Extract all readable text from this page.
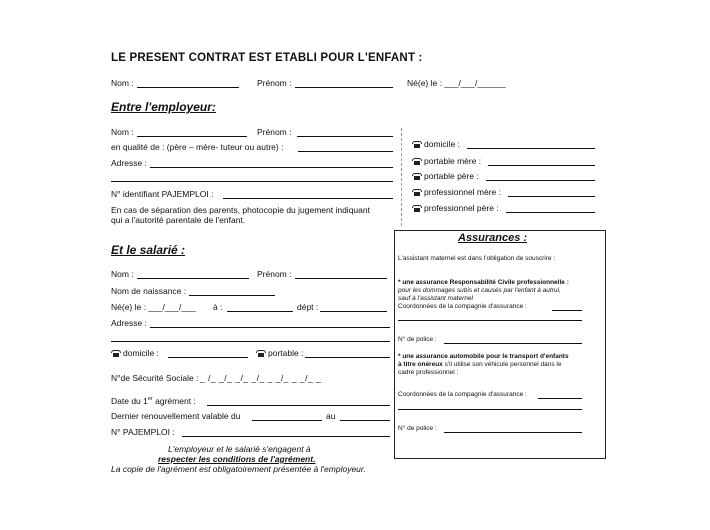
LE PRESENT CONTRAT EST ETABLI POUR L'ENFANT :
Nom :	Prénom :	Né(e) le : ___/___/______
Entre l'employeur:
Nom :	Prénom :
en qualité de : (père – mère- tuteur ou autre) :
Adresse :
N° identifiant PAJEMPLOI :
En cas de séparation des parents, photocopie du jugement indiquant
qui a l'autorité parentale de l'enfant.
domicile :
portable mère :
portable père :
professionnel mère :
professionnel père :
Et le salarié :
Nom :	Prénom :
Nom de naissance :
Né(e) le : ___/___/___ à :	dépt :
Adresse :
domicile :	portable :
N°de Sécurité Sociale : _ /_ _/_ _/_ _/_ _ _/_ _ _/_ _
Date du 1er agrément :
Dernier renouvellement valable du	au
N° PAJEMPLOI :
L'employeur et le salarié s'engagent à
respecter les conditions de l'agrément.
La copie de l'agrément est obligatoirement présentée à l'employeur.
Assurances :
L'assistant maternel est dans l'obligation de souscrire :
* une assurance Responsabilité Civile professionnelle :
pour les dommages subis et causés par l'enfant à autrui,
sauf à l'assistant maternel
Coordonnées de la compagnie d'assurance :
N° de police :
* une assurance automobile pour le transport d'enfants
à titre onéreux s'il utilise son véhicule personnel dans le
cadre professionnel :
Coordonnées de la compagnie d'assurance :
N° de police :
